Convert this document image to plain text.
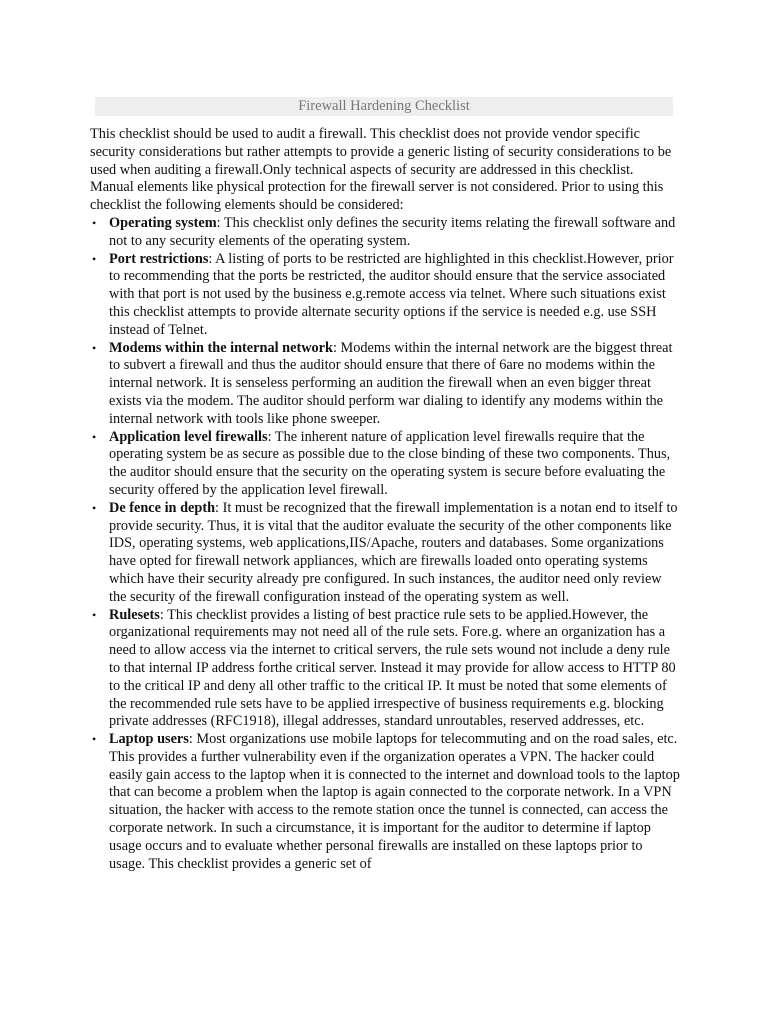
Firewall Hardening Checklist

This checklist should be used to audit a firewall. This checklist does not provide vendor specific security considerations but rather attempts to provide a generic listing of security considerations to be used when auditing a firewall.Only technical aspects of security are addressed in this checklist. Manual elements like physical protection for the firewall server is not considered. Prior to using this checklist the following elements should be considered:

• Operating system: This checklist only defines the security items relating the firewall software and not to any security elements of the operating system.
• Port restrictions: A listing of ports to be restricted are highlighted in this checklist.However, prior to recommending that the ports be restricted, the auditor should ensure that the service associated with that port is not used by the business e.g.remote access via telnet. Where such situations exist this checklist attempts to provide alternate security options if the service is needed e.g. use SSH instead of Telnet.
• Modems within the internal network: Modems within the internal network are the biggest threat to subvert a firewall and thus the auditor should ensure that there of 6are no modems within the internal network. It is senseless performing an audition the firewall when an even bigger threat exists via the modem. The auditor should perform war dialing to identify any modems within the internal network with tools like phone sweeper.
• Application level firewalls: The inherent nature of application level firewalls require that the operating system be as secure as possible due to the close binding of these two components. Thus, the auditor should ensure that the security on the operating system is secure before evaluating the security offered by the application level firewall.
• De fence in depth: It must be recognized that the firewall implementation is a notan end to itself to provide security. Thus, it is vital that the auditor evaluate the security of the other components like IDS, operating systems, web applications,IIS/Apache, routers and databases. Some organizations have opted for firewall network appliances, which are firewalls loaded onto operating systems which have their security already pre configured. In such instances, the auditor need only review the security of the firewall configuration instead of the operating system as well.
• Rulesets: This checklist provides a listing of best practice rule sets to be applied.However, the organizational requirements may not need all of the rule sets. Fore.g. where an organization has a need to allow access via the internet to critical servers, the rule sets wound not include a deny rule to that internal IP address forthe critical server. Instead it may provide for allow access to HTTP 80 to the critical IP and deny all other traffic to the critical IP. It must be noted that some elements of the recommended rule sets have to be applied irrespective of business requirements e.g. blocking private addresses (RFC1918), illegal addresses, standard unroutables, reserved addresses, etc.
• Laptop users: Most organizations use mobile laptops for telecommuting and on the road sales, etc. This provides a further vulnerability even if the organization operates a VPN. The hacker could easily gain access to the laptop when it is connected to the internet and download tools to the laptop that can become a problem when the laptop is again connected to the corporate network. In a VPN situation, the hacker with access to the remote station once the tunnel is connected, can access the corporate network. In such a circumstance, it is important for the auditor to determine if laptop usage occurs and to evaluate whether personal firewalls are installed on these laptops prior to usage. This checklist provides a generic set of
